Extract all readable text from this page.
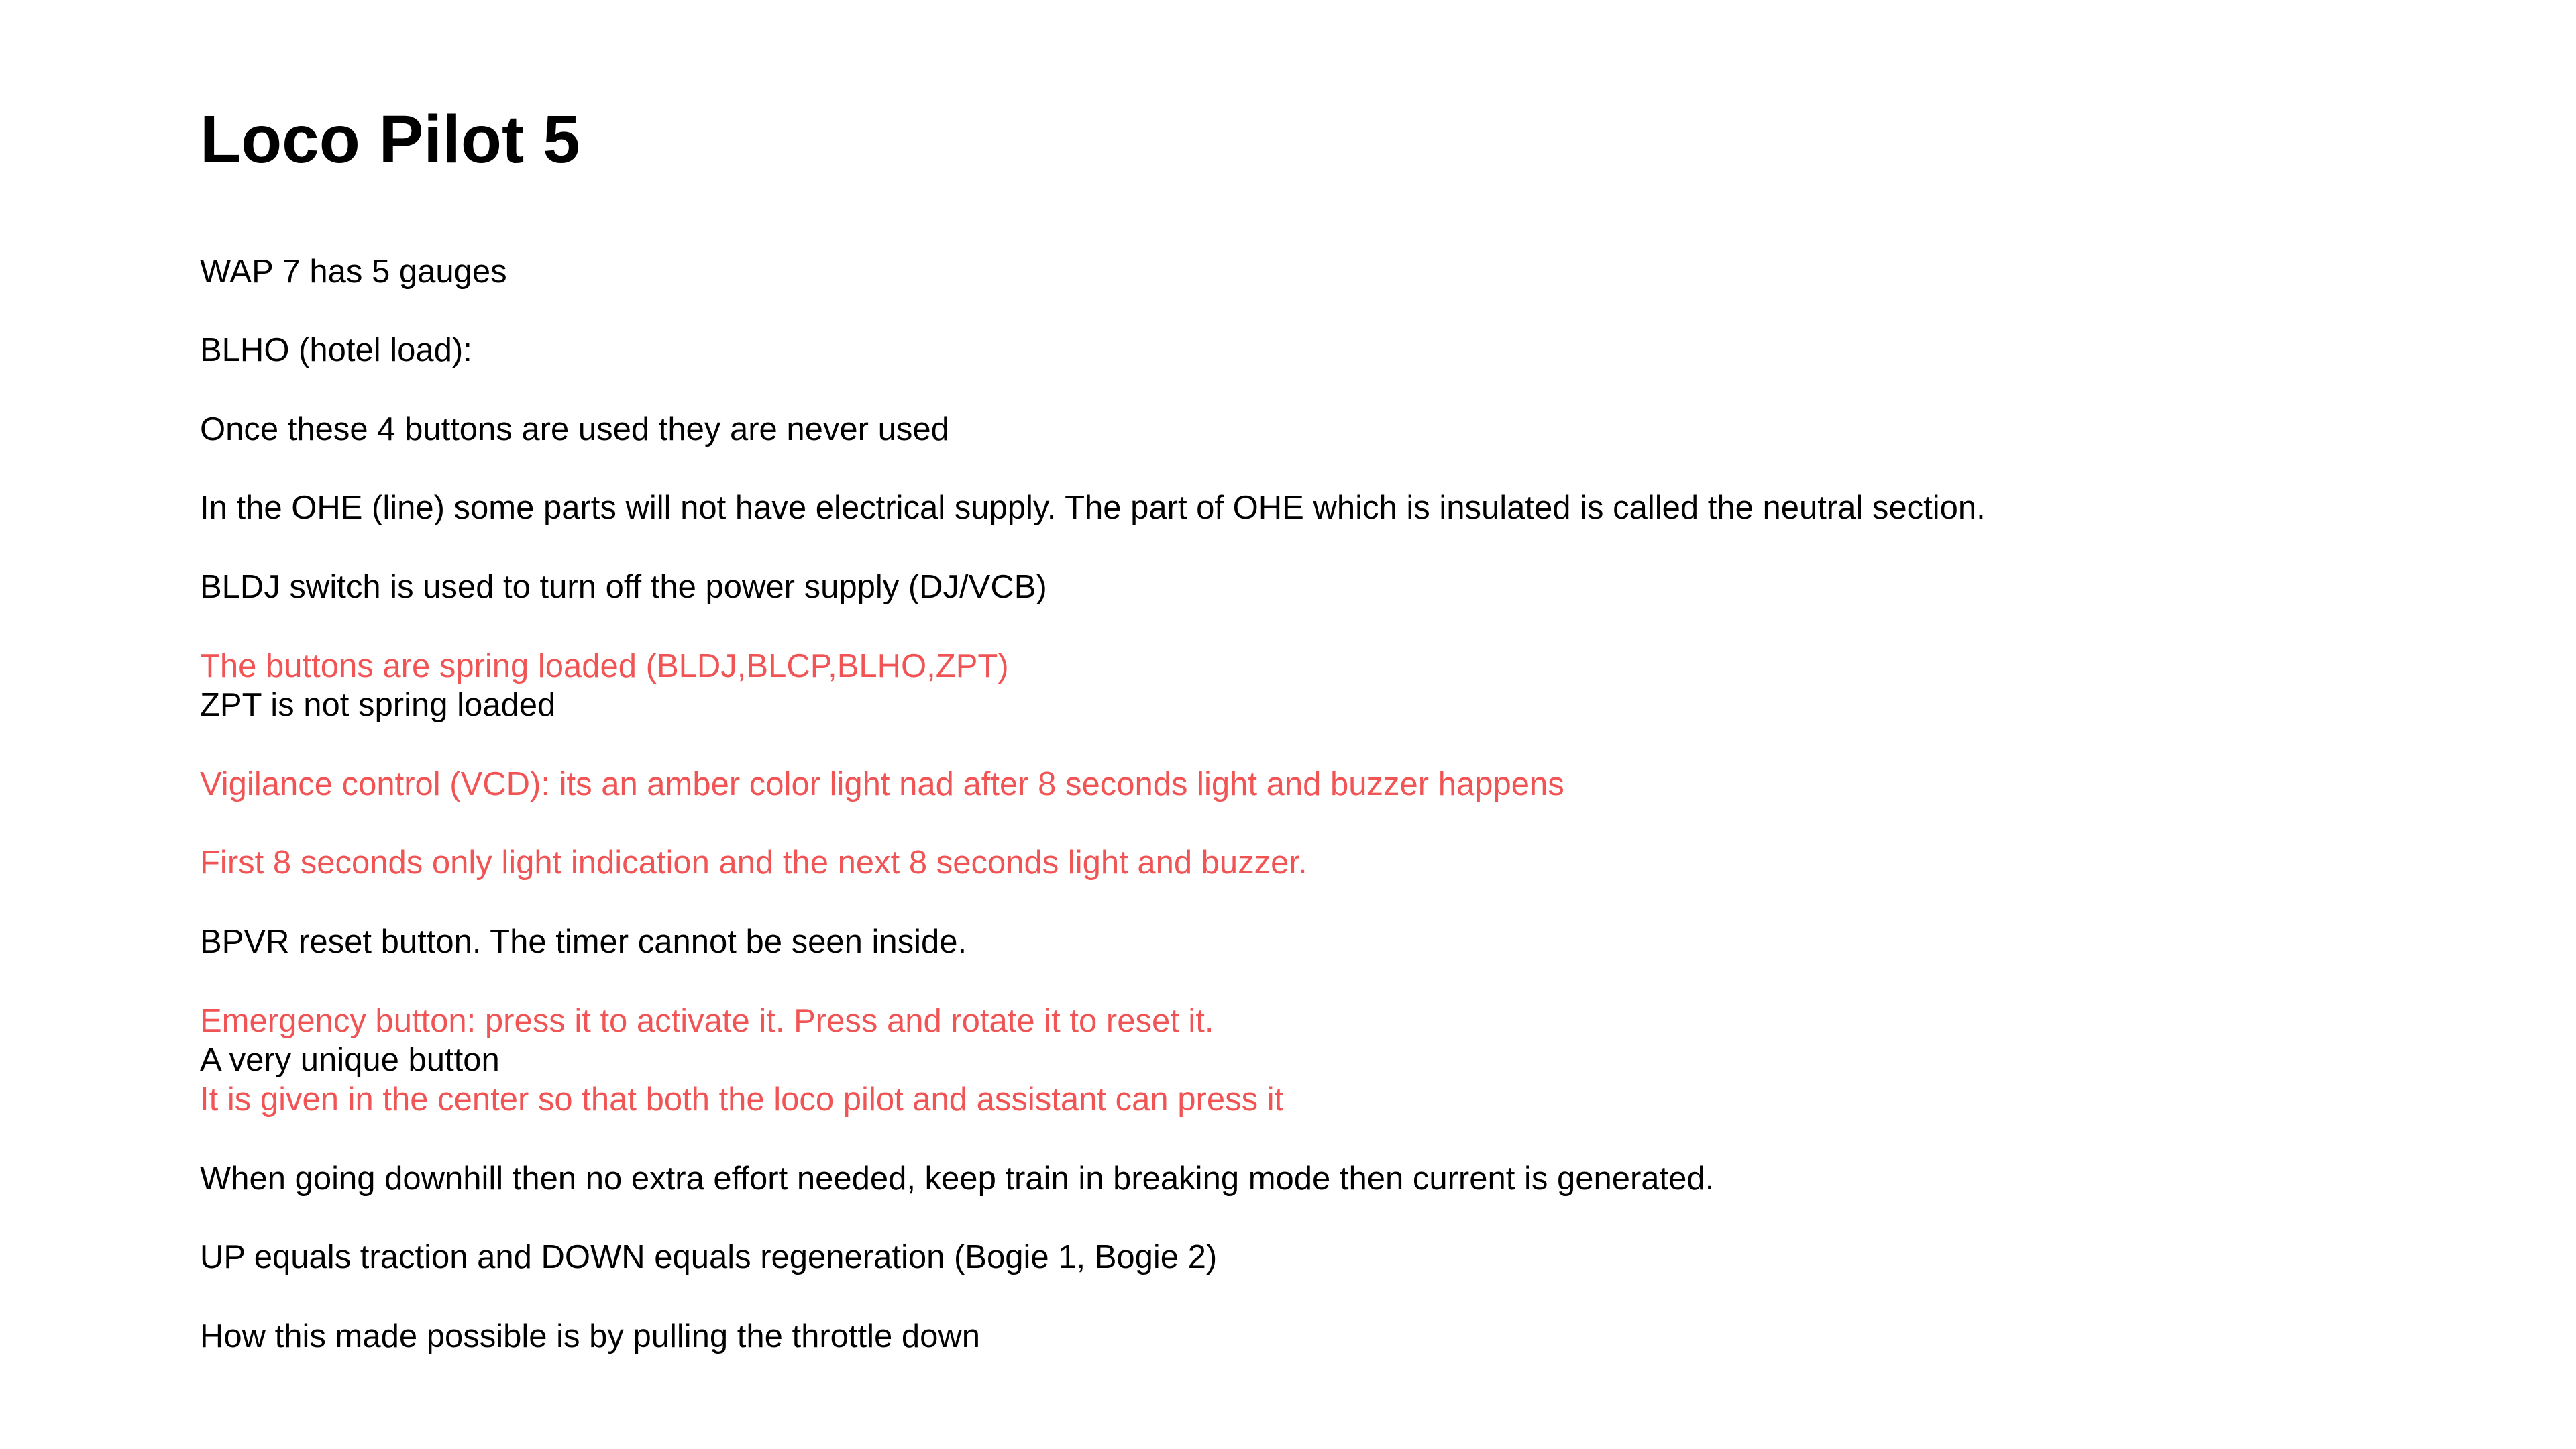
Loco Pilot 5

WAP 7 has 5 gauges

BLHO (hotel load):

Once these 4 buttons are used they are never used

In the OHE (line) some parts will not have electrical supply. The part of OHE which is insulated is called the neutral section.

BLDJ switch is used to turn off the power supply (DJ/VCB)

The buttons are spring loaded (BLDJ,BLCP,BLHO,ZPT)

ZPT is not spring loaded

Vigilance control (VCD): its an amber color light nad after 8 seconds light and buzzer happens

First 8 seconds only light indication and the next 8 seconds light and buzzer.

BPVR reset button. The timer cannot be seen inside.

Emergency button: press it to activate it. Press and rotate it to reset it.

A very unique button

It is given in the center so that both the loco pilot and assistant can press it

When going downhill then no extra effort needed, keep train in breaking mode then current is generated.

UP equals traction and DOWN equals regeneration (Bogie 1, Bogie 2)

How this made possible is by pulling the throttle down
